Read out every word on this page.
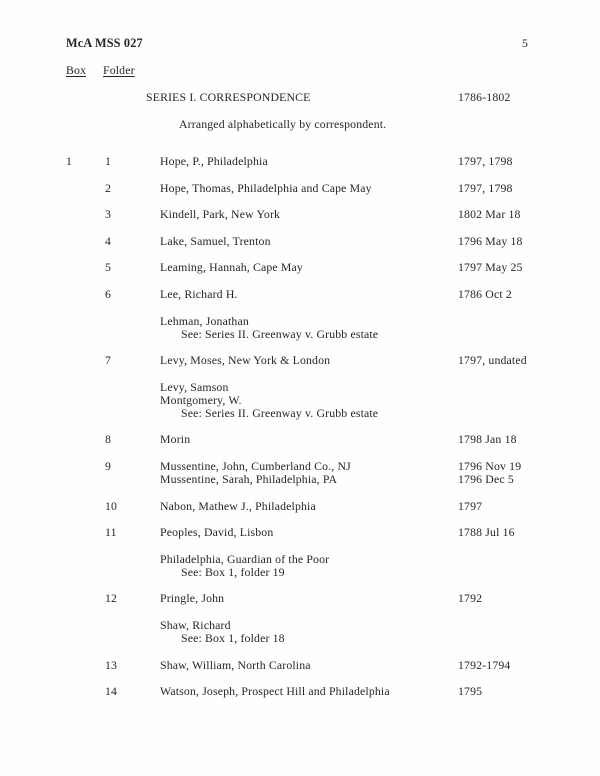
McA MSS 027	5
Box Folder
SERIES I. CORRESPONDENCE	1786-1802
Arranged alphabetically by correspondent.
1	1	Hope, P., Philadelphia	1797, 1798
2	Hope, Thomas, Philadelphia and Cape May	1797, 1798
3	Kindell, Park, New York	1802 Mar 18
4	Lake, Samuel, Trenton	1796 May 18
5	Leaming, Hannah, Cape May	1797 May 25
6	Lee, Richard H.	1786 Oct 2
Lehman, Jonathan
See: Series II. Greenway v. Grubb estate
7	Levy, Moses, New York & London	1797, undated
Levy, Samson
Montgomery, W.
See: Series II. Greenway v. Grubb estate
8	Morin	1798 Jan 18
9	Mussentine, John, Cumberland Co., NJ	1796 Nov 19
Mussentine, Sarah, Philadelphia, PA	1796 Dec 5
10	Nabon, Mathew J., Philadelphia	1797
11	Peoples, David, Lisbon	1788 Jul 16
Philadelphia, Guardian of the Poor
See: Box 1, folder 19
12	Pringle, John	1792
Shaw, Richard
See: Box 1, folder 18
13	Shaw, William, North Carolina	1792-1794
14	Watson, Joseph, Prospect Hill and Philadelphia	1795
